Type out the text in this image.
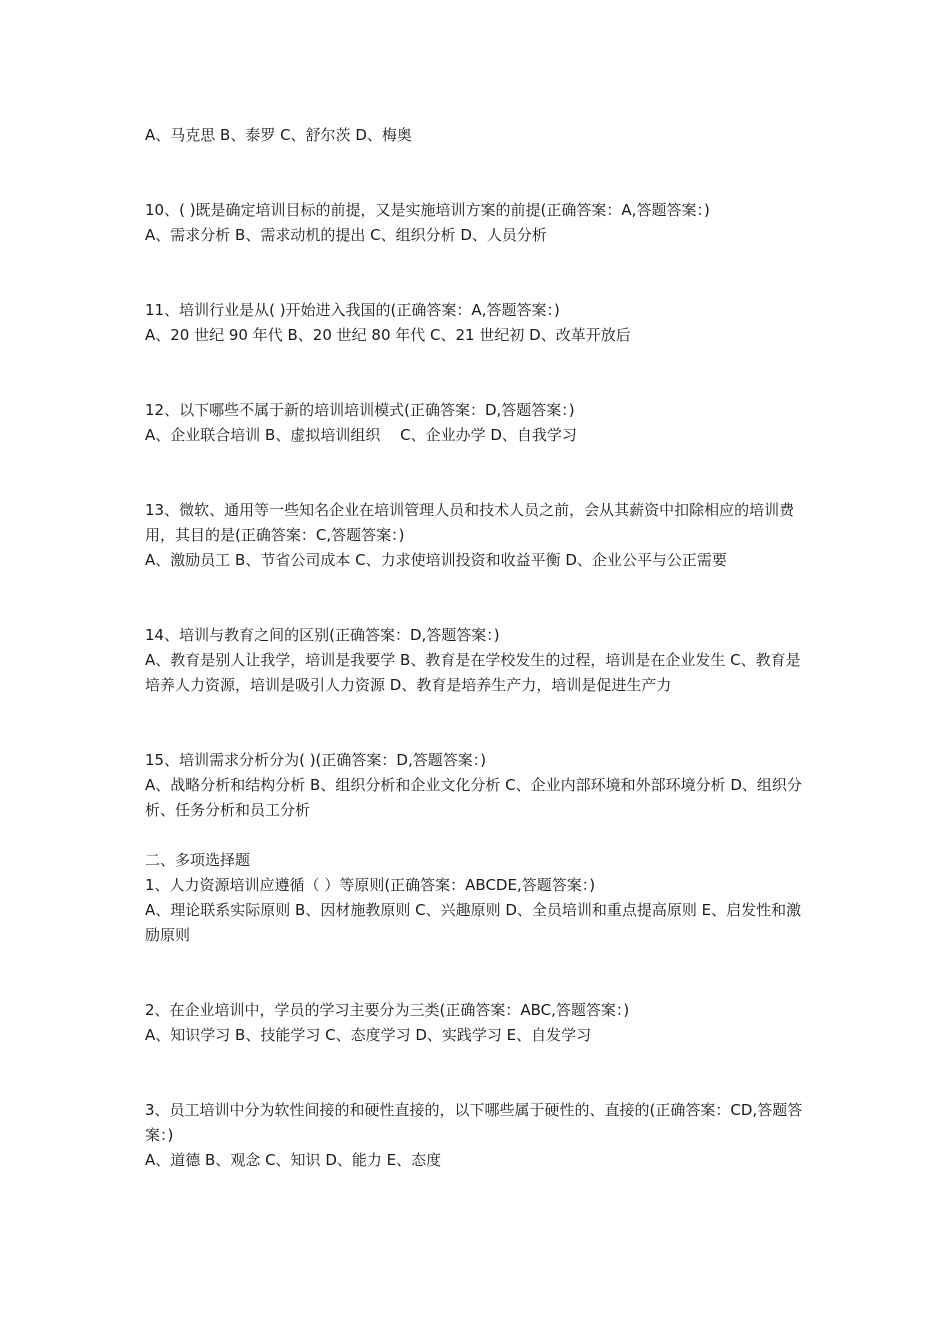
A、马克思 B、泰罗 C、舒尔茨 D、梅奥
10、( )既是确定培训目标的前提，又是实施培训方案的前提(正确答案：A,答题答案：)
A、需求分析 B、需求动机的提出 C、组织分析 D、人员分析
11、培训行业是从( )开始进入我国的(正确答案：A,答题答案：)
A、20 世纪 90 年代 B、20 世纪 80 年代 C、21 世纪初 D、改革开放后
12、以下哪些不属于新的培训培训模式(正确答案：D,答题答案：)
A、企业联合培训 B、虚拟培训组织　 C、企业办学 D、自我学习
13、微软、通用等一些知名企业在培训管理人员和技术人员之前，会从其薪资中扣除相应的培训费用，其目的是(正确答案：C,答题答案：)
A、激励员工 B、节省公司成本 C、力求使培训投资和收益平衡 D、企业公平与公正需要
14、培训与教育之间的区别(正确答案：D,答题答案：)
A、教育是别人让我学，培训是我要学 B、教育是在学校发生的过程，培训是在企业发生 C、教育是培养人力资源，培训是吸引人力资源 D、教育是培养生产力，培训是促进生产力
15、培训需求分析分为( )(正确答案：D,答题答案：)
A、战略分析和结构分析 B、组织分析和企业文化分析 C、企业内部环境和外部环境分析 D、组织分析、任务分析和员工分析
二、多项选择题
1、人力资源培训应遵循（ ）等原则(正确答案：ABCDE,答题答案：)
A、理论联系实际原则 B、因材施教原则 C、兴趣原则 D、全员培训和重点提高原则 E、启发性和激励原则
2、在企业培训中，学员的学习主要分为三类(正确答案：ABC,答题答案：)
A、知识学习 B、技能学习 C、态度学习 D、实践学习 E、自发学习
3、员工培训中分为软性间接的和硬性直接的，以下哪些属于硬性的、直接的(正确答案：CD,答题答案：)
A、道德 B、观念 C、知识 D、能力 E、态度
